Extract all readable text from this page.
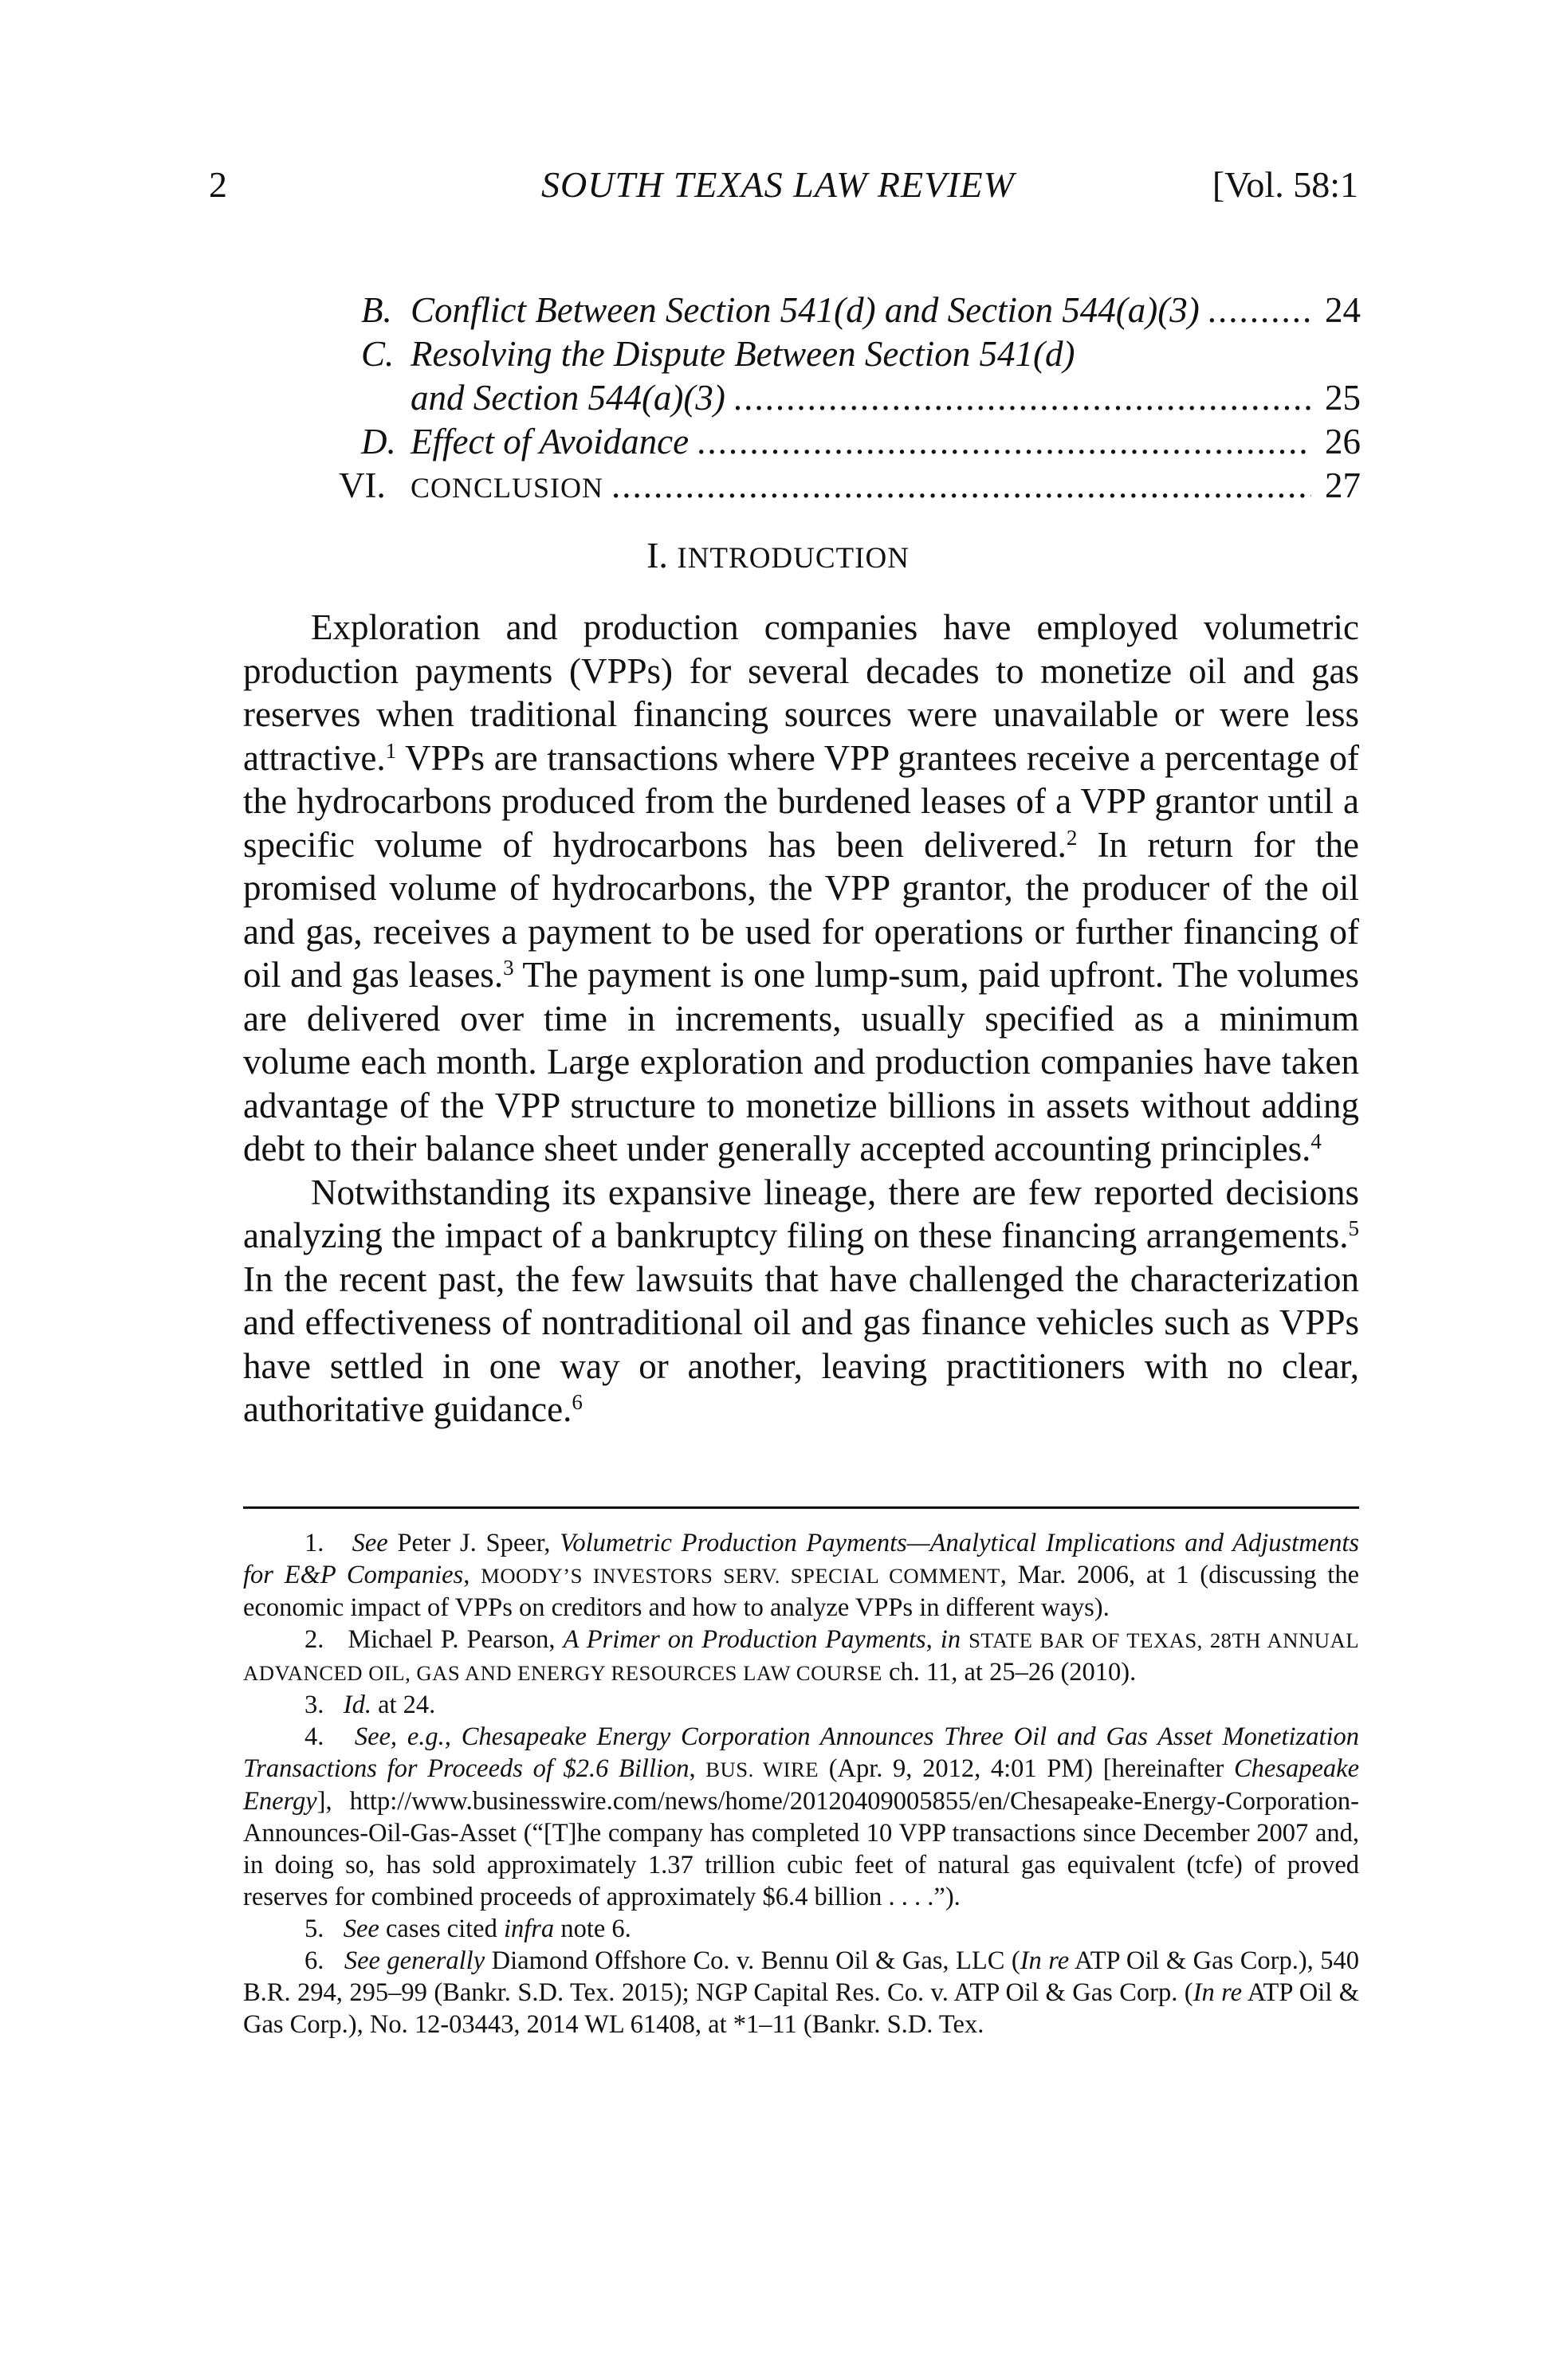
2	SOUTH TEXAS LAW REVIEW	[Vol. 58:1
B. Conflict Between Section 541(d) and Section 544(a)(3) .....	24
C. Resolving the Dispute Between Section 541(d)
and Section 544(a)(3) .....	25
D. Effect of Avoidance .....	26
VI. CONCLUSION .....	27
I. INTRODUCTION

Exploration and production companies have employed volumetric production payments (VPPs) for several decades to monetize oil and gas reserves when traditional financing sources were unavailable or were less attractive.$^1$ VPPs are transactions where VPP grantees receive a percentage of the hydrocarbons produced from the burdened leases of a VPP grantor until a specific volume of hydrocarbons has been delivered.$^2$ In return for the promised volume of hydrocarbons, the VPP grantor, the producer of the oil and gas, receives a payment to be used for operations or further financing of oil and gas leases.$^3$ The payment is one lump-sum, paid upfront. The volumes are delivered over time in increments, usually specified as a minimum volume each month. Large exploration and production companies have taken advantage of the VPP structure to monetize billions in assets without adding debt to their balance sheet under generally accepted accounting principles.$^4$

Notwithstanding its expansive lineage, there are few reported decisions analyzing the impact of a bankruptcy filing on these financing arrangements.$^5$ In the recent past, the few lawsuits that have challenged the characterization and effectiveness of nontraditional oil and gas finance vehicles such as VPPs have settled in one way or another, leaving practitioners with no clear, authoritative guidance.$^6$

1. See Peter J. Speer, Volumetric Production Payments—Analytical Implications and Adjustments for E&P Companies, MOODY’S INVESTORS SERV. SPECIAL COMMENT, Mar. 2006, at 1 (discussing the economic impact of VPPs on creditors and how to analyze VPPs in different ways).

2. Michael P. Pearson, A Primer on Production Payments, in STATE BAR OF TEXAS, 28TH ANNUAL ADVANCED OIL, GAS AND ENERGY RESOURCES LAW COURSE ch. 11, at 25–26 (2010).

3. Id. at 24.

4. See, e.g., Chesapeake Energy Corporation Announces Three Oil and Gas Asset Monetization Transactions for Proceeds of $2.6 Billion, BUS. WIRE (Apr. 9, 2012, 4:01 PM) [hereinafter Chesapeake Energy], http://www.businesswire.com/news/home/20120409005855/en/Chesapeake-Energy-Corporation-Announces-Oil-Gas-Asset (“[T]he company has completed 10 VPP transactions since December 2007 and, in doing so, has sold approximately 1.37 trillion cubic feet of natural gas equivalent (tcfe) of proved reserves for combined proceeds of approximately $6.4 billion . . . .”).

5. See cases cited infra note 6.

6. See generally Diamond Offshore Co. v. Bennu Oil & Gas, LLC (In re ATP Oil & Gas Corp.), 540 B.R. 294, 295–99 (Bankr. S.D. Tex. 2015); NGP Capital Res. Co. v. ATP Oil & Gas Corp. (In re ATP Oil & Gas Corp.), No. 12-03443, 2014 WL 61408, at *1–11 (Bankr. S.D. Tex.
